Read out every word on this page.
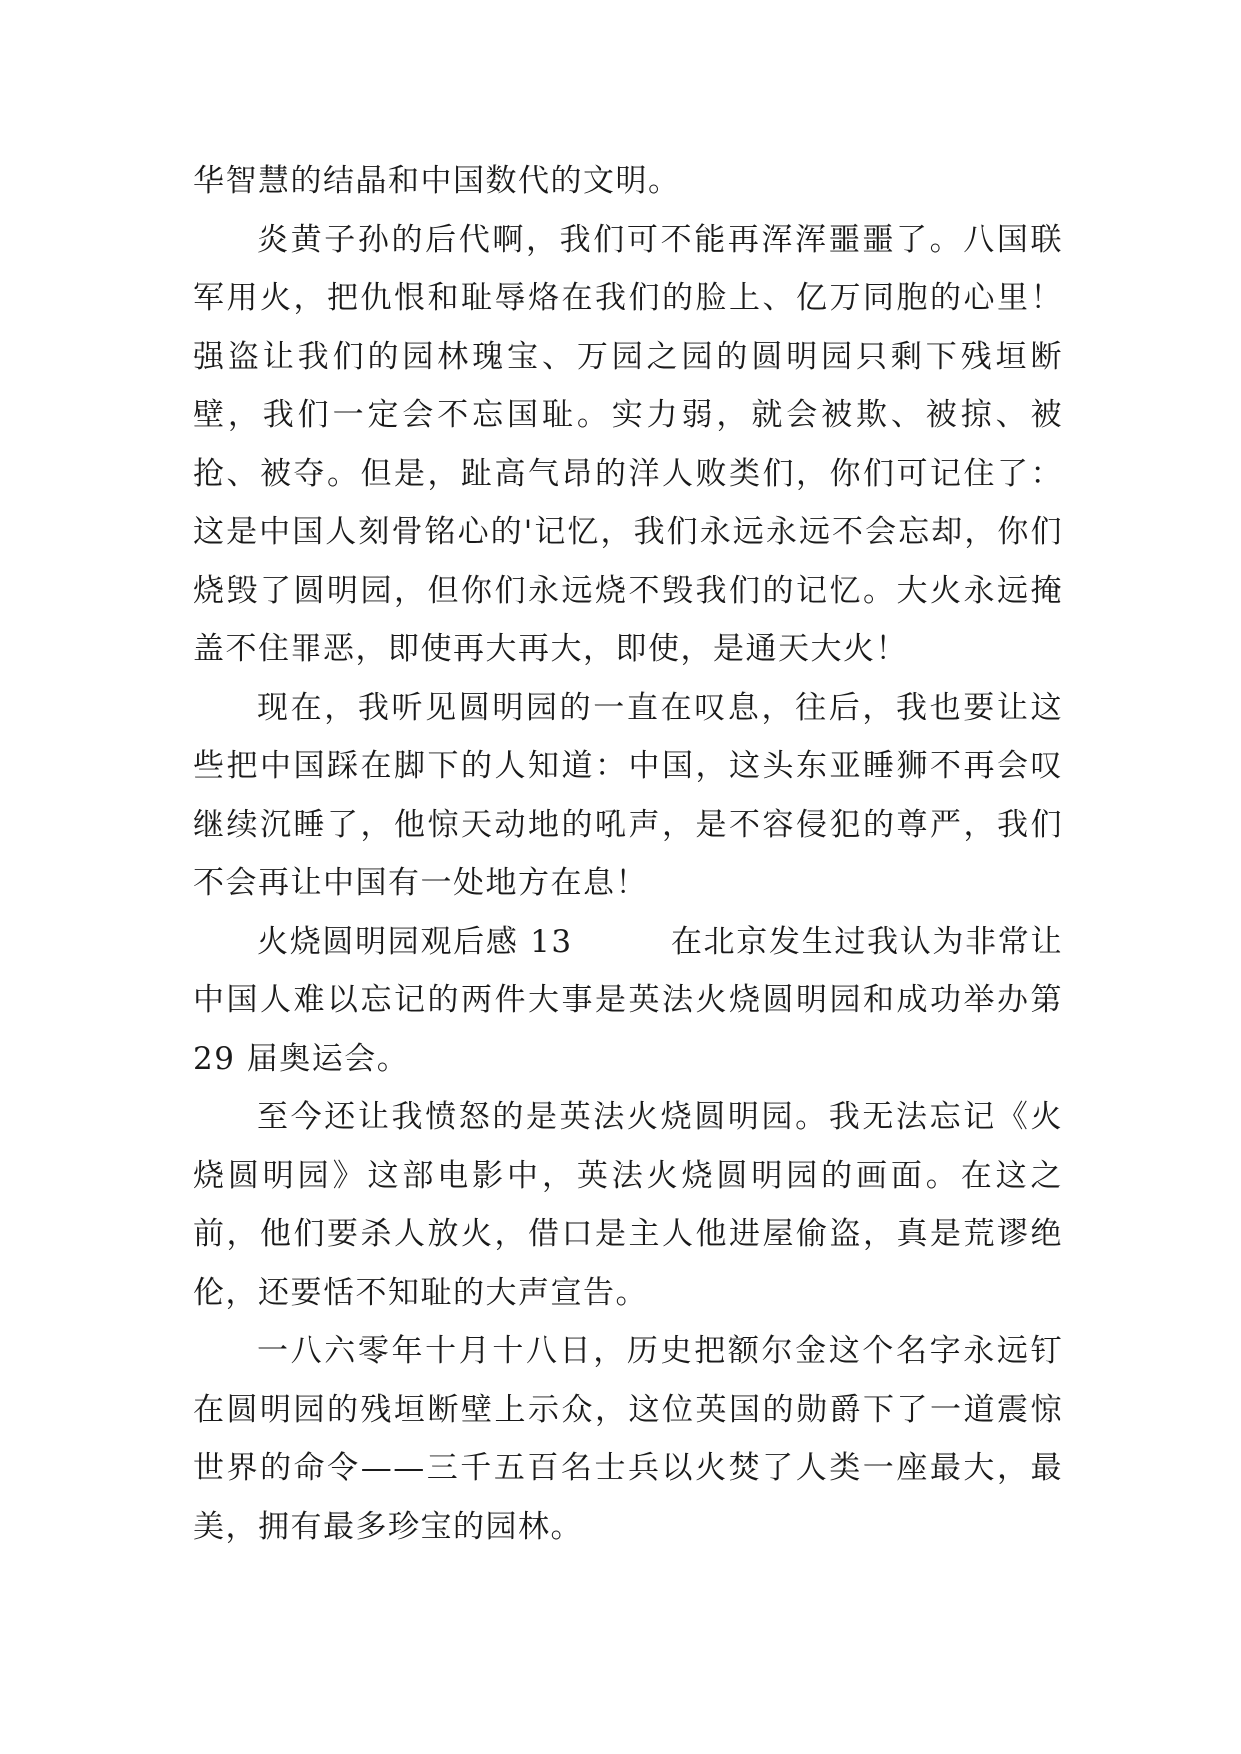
华智慧的结晶和中国数代的文明。

炎黄子孙的后代啊，我们可不能再浑浑噩噩了。八国联军用火，把仇恨和耻辱烙在我们的脸上、亿万同胞的心里！强盗让我们的园林瑰宝、万园之园的圆明园只剩下残垣断壁，我们一定会不忘国耻。实力弱，就会被欺、被掠、被抢、被夺。但是，趾高气昂的洋人败类们，你们可记住了：这是中国人刻骨铭心的'记忆，我们永远永远不会忘却，你们烧毁了圆明园，但你们永远烧不毁我们的记忆。大火永远掩盖不住罪恶，即使再大再大，即使，是通天大火！

现在，我听见圆明园的一直在叹息，往后，我也要让这些把中国踩在脚下的人知道：中国，这头东亚睡狮不再会叹继续沉睡了，他惊天动地的吼声，是不容侵犯的尊严，我们不会再让中国有一处地方在息！

火烧圆明园观后感 13　　　在北京发生过我认为非常让中国人难以忘记的两件大事是英法火烧圆明园和成功举办第 29 届奥运会。

至今还让我愤怒的是英法火烧圆明园。我无法忘记《火烧圆明园》这部电影中，英法火烧圆明园的画面。在这之前，他们要杀人放火，借口是主人他进屋偷盗，真是荒谬绝伦，还要恬不知耻的大声宣告。

一八六零年十月十八日，历史把额尔金这个名字永远钉在圆明园的残垣断壁上示众，这位英国的勋爵下了一道震惊世界的命令——三千五百名士兵以火焚了人类一座最大，最美，拥有最多珍宝的园林。
